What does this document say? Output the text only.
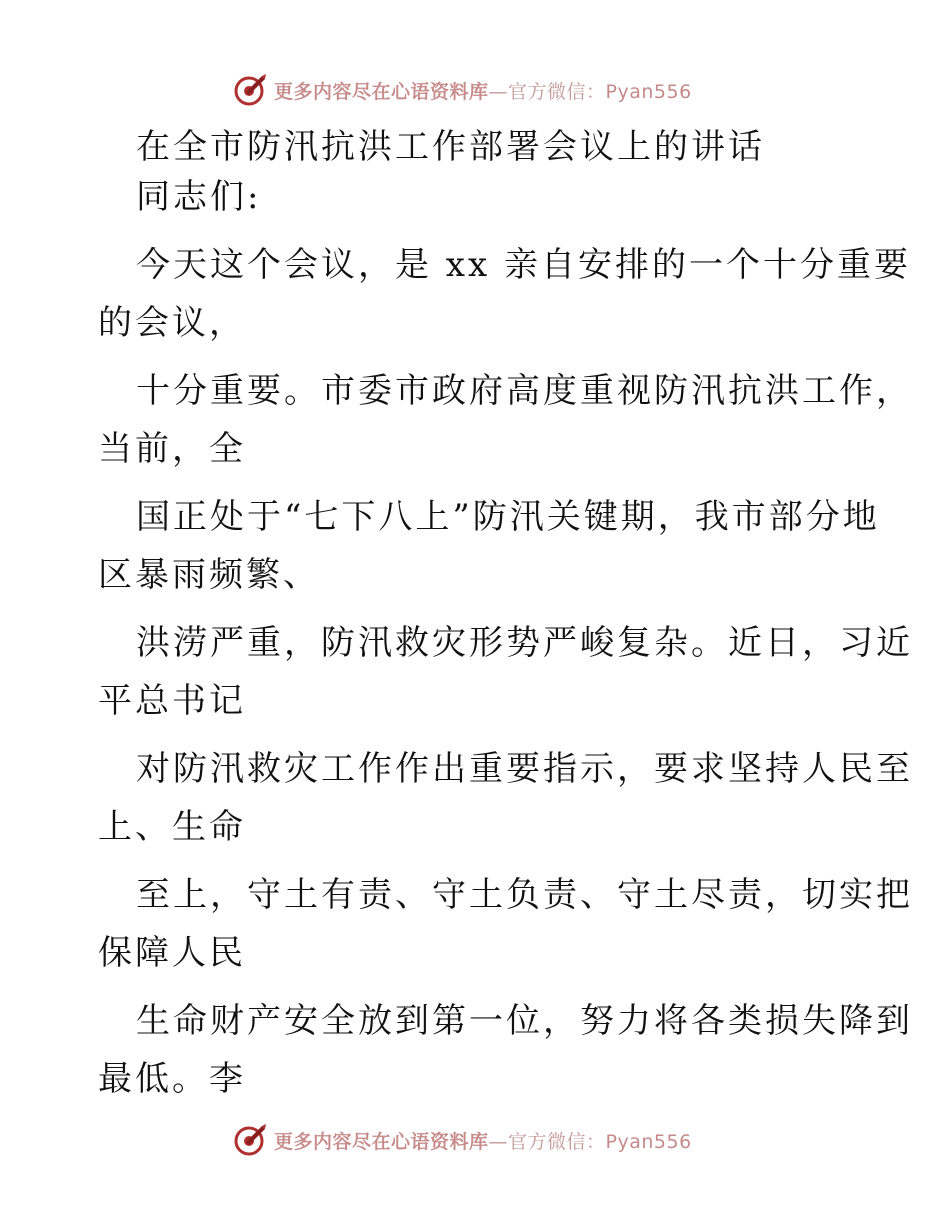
更多内容尽在心语资料库—官方微信：Pyan556
在全市防汛抗洪工作部署会议上的讲话
同志们:
今天这个会议，是 xx 亲自安排的一个十分重要
的会议，
十分重要。市委市政府高度重视防汛抗洪工作，
当前，全
国正处于“七下八上”防汛关键期，我市部分地
区暴雨频繁、
洪涝严重，防汛救灾形势严峻复杂。近日，习近
平总书记
对防汛救灾工作作出重要指示，要求坚持人民至
上、生命
至上，守土有责、守土负责、守土尽责，切实把
保障人民
生命财产安全放到第一位，努力将各类损失降到
最低。李
更多内容尽在心语资料库—官方微信：Pyan556
